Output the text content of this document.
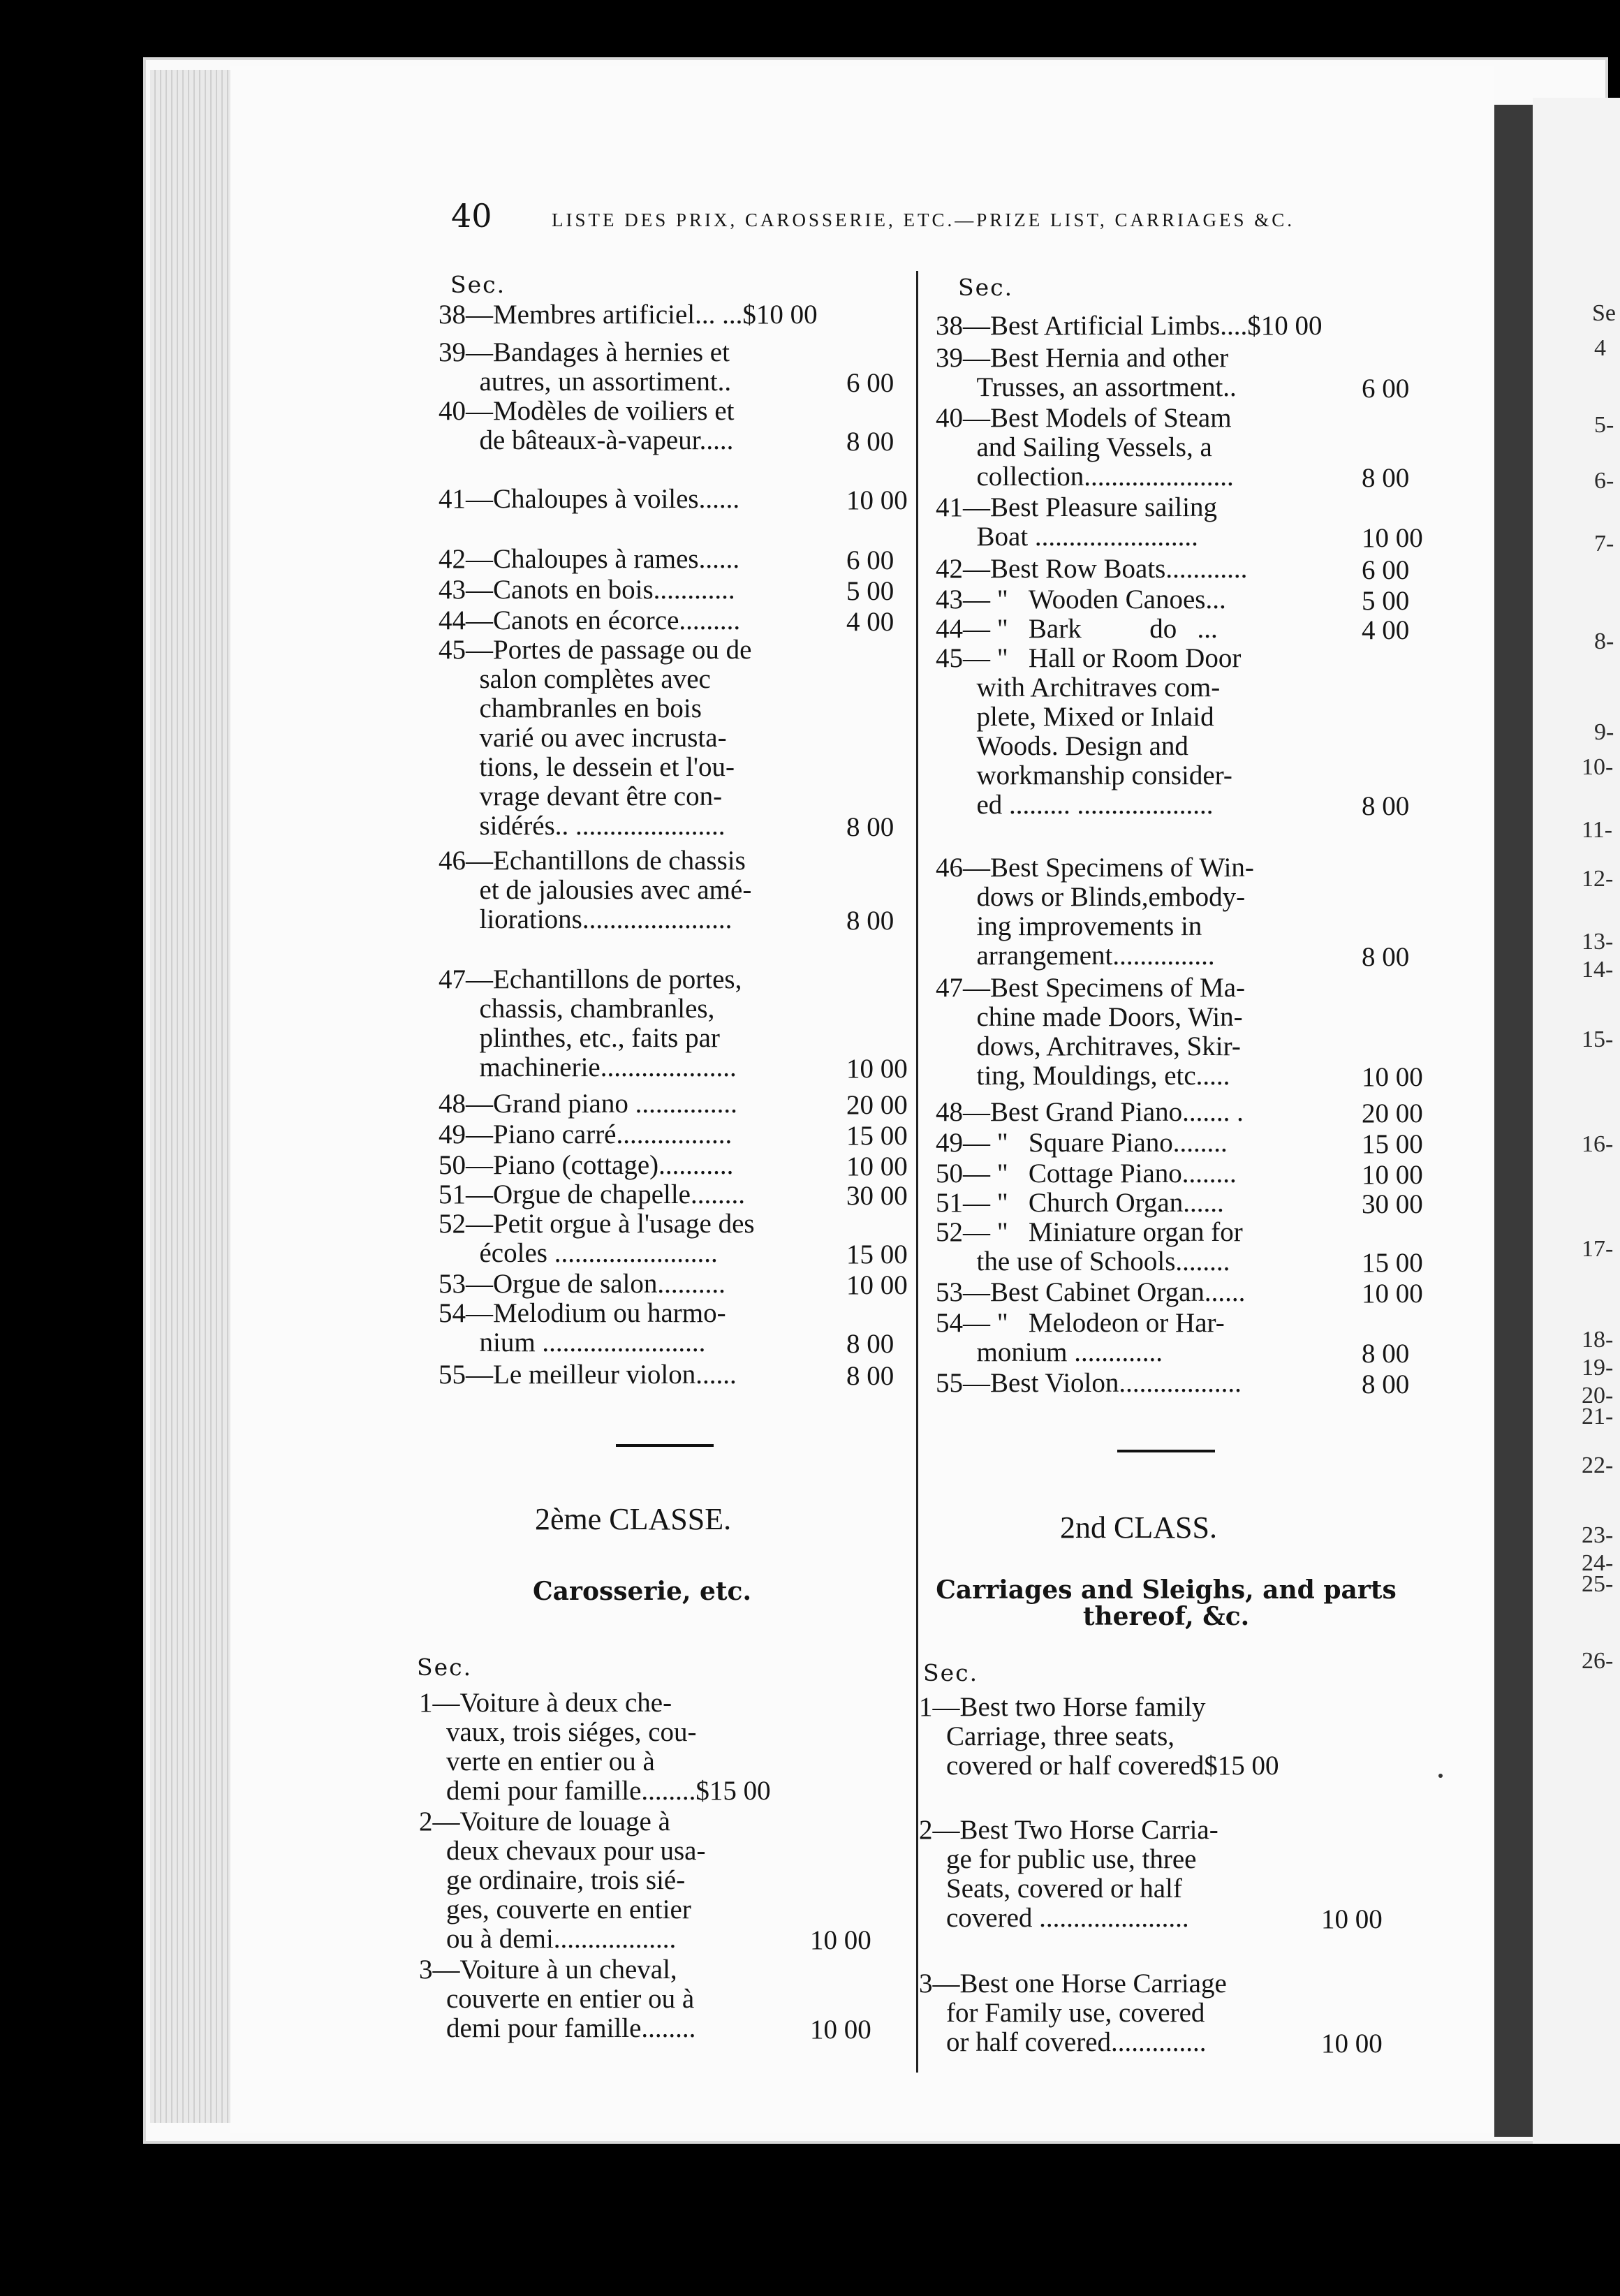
Se
4
5-
6-
7-
8-
9-
10-
11-
12-
13-
14-
15-
16-
17-
18-
19-
20-
21-
22-
23-
24-
25-
26-
40	LISTE DES PRIX, CAROSSERIE, ETC.—PRIZE LIST, CARRIAGES &C.
Sec.	Sec.
38—Membres artificiel... ...$10 00
39—Bandages à hernies et
autres, un assortiment..	6 00
40—Modèles de voiliers et
de bâteaux-à-vapeur.....	8 00
41—Chaloupes à voiles......	10 00
42—Chaloupes à rames......	6 00
43—Canots en bois............	5 00
44—Canots en écorce.........	4 00
45—Portes de passage ou de
salon complètes avec
chambranles en bois
varié ou avec incrusta-
tions, le dessein et l'ou-
vrage devant être con-
sidérés.. ......................	8 00
46—Echantillons de chassis
et de jalousies avec amé-
liorations......................	8 00
47—Echantillons de portes,
chassis, chambranles,
plinthes, etc., faits par
machinerie....................	10 00
48—Grand piano ...............	20 00
49—Piano carré.................	15 00
50—Piano (cottage)...........	10 00
51—Orgue de chapelle........	30 00
52—Petit orgue à l'usage des
écoles ........................	15 00
53—Orgue de salon..........	10 00
54—Melodium ou harmo-
nium ........................	8 00
55—Le meilleur violon......	8 00
38—Best Artificial Limbs....$10 00
39—Best Hernia and other
Trusses, an assortment..	6 00
40—Best Models of Steam
and Sailing Vessels, a
collection......................	8 00
41—Best Pleasure sailing
Boat ........................	10 00
42—Best Row Boats............	6 00
43— "   Wooden Canoes...	5 00
44— "   Bark          do   ...	4 00
45— "   Hall or Room Door
with Architraves com-
plete, Mixed or Inlaid
Woods. Design and
workmanship consider-
ed ......... ....................	8 00
46—Best Specimens of Win-
dows or Blinds,embody-
ing improvements in
arrangement...............	8 00
47—Best Specimens of Ma-
chine made Doors, Win-
dows, Architraves, Skir-
ting, Mouldings, etc.....	10 00
48—Best Grand Piano....... .	20 00
49— "   Square Piano........	15 00
50— "   Cottage Piano........	10 00
51— "   Church Organ......	30 00
52— "   Miniature organ for
the use of Schools........	15 00
53—Best Cabinet Organ......	10 00
54— "   Melodeon or Har-
monium .............	8 00
55—Best Violon..................	8 00
2ème CLASSE.	2nd CLASS.
Carosserie, etc.	Carriages and Sleighs, and parts thereof, &c.
Sec.	Sec.
1—Voiture à deux che-
vaux, trois siéges, cou-
verte en entier ou à
demi pour famille........$15 00
2—Voiture de louage à
deux chevaux pour usa-
ge ordinaire, trois sié-
ges, couverte en entier
ou à demi..................	10 00
3—Voiture à un cheval,
couverte en entier ou à
demi pour famille........	10 00
1—Best two Horse family
Carriage, three seats,
covered or half covered$15 00
2—Best Two Horse Carria-
ge for public use, three
Seats, covered or half
covered ......................	10 00
3—Best one Horse Carriage
for Family use, covered
or half covered..............	10 00
